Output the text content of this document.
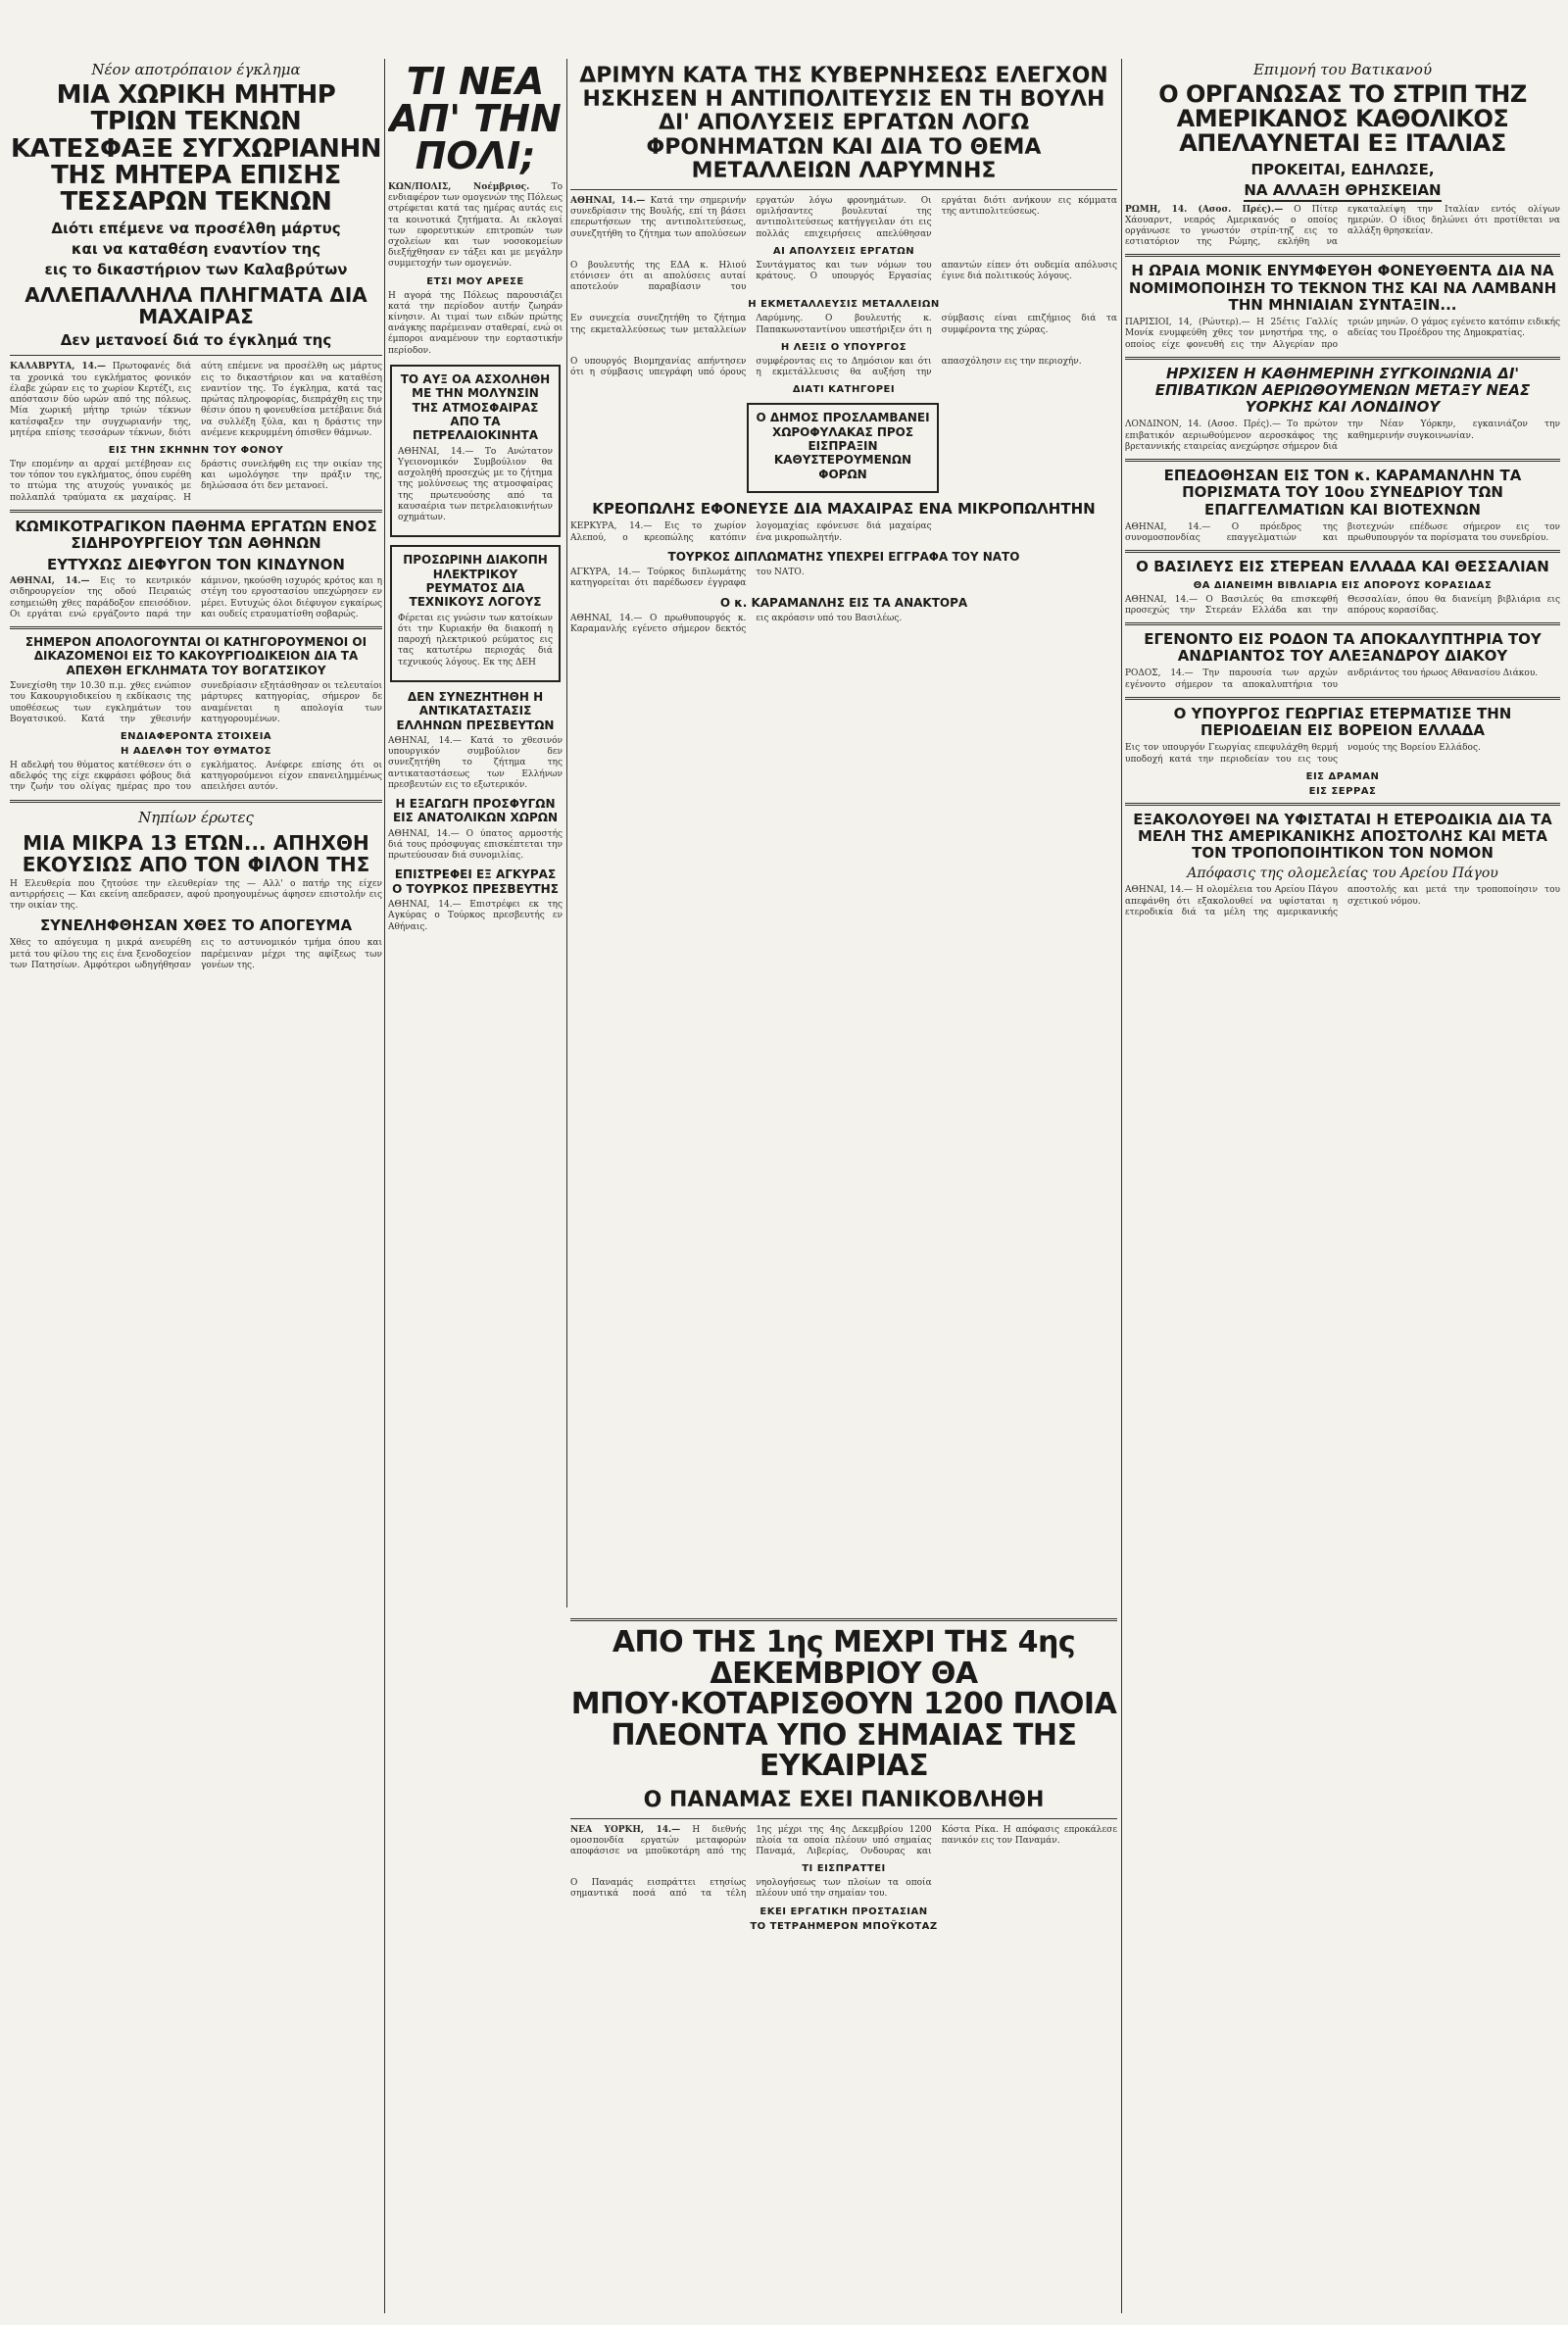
Νέον αποτρόπαιον έγκλημα
ΜΙΑ ΧΩΡΙΚΗ ΜΗΤΗΡ ΤΡΙΩΝ ΤΕΚΝΩΝ ΚΑΤΕΣΦΑΞΕ ΣΥΓΧΩΡΙΑΝΗΝ ΤΗΣ ΜΗΤΕΡΑ ΕΠΙΣΗΣ ΤΕΣΣΑΡΩΝ ΤΕΚΝΩΝ
Διότι επέμενε να προσέλθη μάρτυς
και να καταθέση εναντίον της
εις το δικαστήριον των Καλαβρύτων
ΑΛΛΕΠΑΛΛΗΛΑ ΠΛΗΓΜΑΤΑ ΔΙΑ ΜΑΧΑΙΡΑΣ
Δεν μετανοεί διά το έγκλημά της
ΚΑΛΑΒΡΥΤΑ, 14.— Πρωτοφανές διά τα χρονικά του εγκλήματος φονικόν έλαβε χώραν εις το χωρίον Κερτέζι, εις απόστασιν δύο ωρών από της πόλεως. Μία χωρική μήτηρ τριών τέκνων κατέσφαξεν την συγχωριανήν της, μητέρα επίσης τεσσάρων τέκνων, διότι αύτη επέμενε να προσέλθη ως μάρτυς εις το δικαστήριον και να καταθέση εναντίον της. Το έγκλημα, κατά τας πρώτας πληροφορίας, διεπράχθη εις την θέσιν όπου η φονευθείσα μετέβαινε διά να συλλέξη ξύλα, και η δράστις την ανέμενε κεκρυμμένη όπισθεν θάμνων.
ΕΙΣ ΤΗΝ ΣΚΗΝΗΝ ΤΟΥ ΦΟΝΟΥ
Την επομένην αι αρχαί μετέβησαν εις τον τόπον του εγκλήματος, όπου ευρέθη το πτώμα της ατυχούς γυναικός με πολλαπλά τραύματα εκ μαχαίρας. Η δράστις συνελήφθη εις την οικίαν της και ωμολόγησε την πράξιν της, δηλώσασα ότι δεν μετανοεί.
ΚΩΜΙΚΟΤΡΑΓΙΚΟΝ ΠΑΘΗΜΑ ΕΡΓΑΤΩΝ ΕΝΟΣ ΣΙΔΗΡΟΥΡΓΕΙΟΥ ΤΩΝ ΑΘΗΝΩΝ
ΕΥΤΥΧΩΣ ΔΙΕΦΥΓΟΝ ΤΟΝ ΚΙΝΔΥΝΟΝ
ΑΘΗΝΑΙ, 14.— Εις το κεντρικόν σιδηρουργείον της οδού Πειραιώς εσημειώθη χθες παράδοξον επεισόδιον. Οι εργάται ενώ εργάζοντο παρά την κάμινον, ηκούσθη ισχυρός κρότος και η στέγη του εργοστασίου υπεχώρησεν εν μέρει. Ευτυχώς όλοι διέφυγον εγκαίρως και ουδείς ετραυματίσθη σοβαρώς.
ΣΗΜΕΡΟΝ ΑΠΟΛΟΓΟΥΝΤΑΙ ΟΙ ΚΑΤΗΓΟΡΟΥΜΕΝΟΙ ΟΙ ΔΙΚΑΖΟΜΕΝΟΙ ΕΙΣ ΤΟ ΚΑΚΟΥΡΓΙΟΔΙΚΕΙΟΝ ΔΙΑ ΤΑ ΑΠΕΧΘΗ ΕΓΚΛΗΜΑΤΑ ΤΟΥ ΒΟΓΑΤΣΙΚΟΥ
Συνεχίσθη την 10.30 π.μ. χθες ενώπιον του Κακουργιοδικείου η εκδίκασις της υποθέσεως των εγκλημάτων του Βογατσικού. Κατά την χθεσινήν συνεδρίασιν εξητάσθησαν οι τελευταίοι μάρτυρες κατηγορίας, σήμερον δε αναμένεται η απολογία των κατηγορουμένων.
ΕΝΔΙΑΦΕΡΟΝΤΑ ΣΤΟΙΧΕΙΑ
Η ΑΔΕΛΦΗ ΤΟΥ ΘΥΜΑΤΟΣ
Η αδελφή του θύματος κατέθεσεν ότι ο αδελφός της είχε εκφράσει φόβους διά την ζωήν του ολίγας ημέρας προ του εγκλήματος. Ανέφερε επίσης ότι οι κατηγορούμενοι είχον επανειλημμένως απειλήσει αυτόν.
Νηπίων έρωτες
ΜΙΑ ΜΙΚΡΑ 13 ΕΤΩΝ... ΑΠΗΧΘΗ ΕΚΟΥΣΙΩΣ ΑΠΟ ΤΟΝ ΦΙΛΟΝ ΤΗΣ
Η Ελευθερία που ζητούσε την ελευθερίαν της — Αλλ' ο πατήρ της είχεν αντιρρήσεις — Και εκείνη απεδρασεν, αφού προηγουμένως άφησεν επιστολήν εις την οικίαν της.
ΣΥΝΕΛΗΦΘΗΣΑΝ ΧΘΕΣ ΤΟ ΑΠΟΓΕΥΜΑ
Χθες το απόγευμα η μικρά ανευρέθη μετά του φίλου της εις ένα ξενοδοχείον των Πατησίων. Αμφότεροι ωδηγήθησαν εις το αστυνομικόν τμήμα όπου και παρέμειναν μέχρι της αφίξεως των γονέων της.
ΤΙ ΝΕΑ ΑΠ' ΤΗΝ ΠΟΛΙ;
ΚΩΝ/ΠΟΛΙΣ, Νοέμβριος. Το ενδιαφέρον των ομογενών της Πόλεως στρέφεται κατά τας ημέρας αυτάς εις τα κοινοτικά ζητήματα. Αι εκλογαί των εφορευτικών επιτροπών των σχολείων και των νοσοκομείων διεξήχθησαν εν τάξει και με μεγάλην συμμετοχήν των ομογενών.
ΕΤΣΙ ΜΟΥ ΑΡΕΣΕ
Η αγορά της Πόλεως παρουσιάζει κατά την περίοδον αυτήν ζωηράν κίνησιν. Αι τιμαί των ειδών πρώτης ανάγκης παρέμειναν σταθεραί, ενώ οι έμποροι αναμένουν την εορταστικήν περίοδον.
ΤΟ ΑΥΞ ΟΑ ΑΣΧΟΛΗΘΗ ΜΕ ΤΗΝ ΜΟΛΥΝΣΙΝ ΤΗΣ ΑΤΜΟΣΦΑΙΡΑΣ ΑΠΟ ΤΑ ΠΕΤΡΕΛΑΙΟΚΙΝΗΤΑ
ΑΘΗΝΑΙ, 14.— Το Ανώτατον Υγειονομικόν Συμβούλιον θα ασχοληθή προσεχώς με το ζήτημα της μολύνσεως της ατμοσφαίρας της πρωτευούσης από τα καυσαέρια των πετρελαιοκινήτων οχημάτων.
ΠΡΟΣΩΡΙΝΗ ΔΙΑΚΟΠΗ ΗΛΕΚΤΡΙΚΟΥ ΡΕΥΜΑΤΟΣ ΔΙΑ ΤΕΧΝΙΚΟΥΣ ΛΟΓΟΥΣ
Φέρεται εις γνώσιν των κατοίκων ότι την Κυριακήν θα διακοπή η παροχή ηλεκτρικού ρεύματος εις τας κατωτέρω περιοχάς διά τεχνικούς λόγους. Εκ της ΔΕΗ
ΔΕΝ ΣΥΝΕΖΗΤΗΘΗ Η ΑΝΤΙΚΑΤΑΣΤΑΣΙΣ ΕΛΛΗΝΩΝ ΠΡΕΣΒΕΥΤΩΝ
ΑΘΗΝΑΙ, 14.— Κατά το χθεσινόν υπουργικόν συμβούλιον δεν συνεζητήθη το ζήτημα της αντικαταστάσεως των Ελλήνων πρεσβευτών εις το εξωτερικόν.
Η ΕΞΑΓΩΓΗ ΠΡΟΣΦΥΓΩΝ ΕΙΣ ΑΝΑΤΟΛΙΚΩΝ ΧΩΡΩΝ
ΑΘΗΝΑΙ, 14.— Ο ύπατος αρμοστής διά τους πρόσφυγας επισκέπτεται την πρωτεύουσαν διά συνομιλίας.
ΕΠΙΣΤΡΕΦΕΙ ΕΞ ΑΓΚΥΡΑΣ Ο ΤΟΥΡΚΟΣ ΠΡΕΣΒΕΥΤΗΣ
ΑΘΗΝΑΙ, 14.— Επιστρέφει εκ της Αγκύρας ο Τούρκος πρεσβευτής εν Αθήναις.
ΔΡΙΜΥΝ ΚΑΤΑ ΤΗΣ ΚΥΒΕΡΝΗΣΕΩΣ ΕΛΕΓΧΟΝ ΗΣΚΗΣΕΝ Η ΑΝΤΙΠΟΛΙΤΕΥΣΙΣ ΕΝ ΤΗ ΒΟΥΛΗ ΔΙ' ΑΠΟΛΥΣΕΙΣ ΕΡΓΑΤΩΝ ΛΟΓΩ ΦΡΟΝΗΜΑΤΩΝ ΚΑΙ ΔΙΑ ΤΟ ΘΕΜΑ ΜΕΤΑΛΛΕΙΩΝ ΛΑΡΥΜΝΗΣ
ΑΘΗΝΑΙ, 14.— Κατά την σημερινήν συνεδρίασιν της Βουλής, επί τη βάσει επερωτήσεων της αντιπολιτεύσεως, συνεζητήθη το ζήτημα των απολύσεων εργατών λόγω φρονημάτων. Οι ομιλήσαντες βουλευταί της αντιπολιτεύσεως κατήγγειλαν ότι εις πολλάς επιχειρήσεις απελύθησαν εργάται διότι ανήκουν εις κόμματα της αντιπολιτεύσεως.
ΑΙ ΑΠΟΛΥΣΕΙΣ ΕΡΓΑΤΩΝ
Ο βουλευτής της ΕΔΑ κ. Ηλιού ετόνισεν ότι αι απολύσεις αυταί αποτελούν παραβίασιν του Συντάγματος και των νόμων του κράτους. Ο υπουργός Εργασίας απαντών είπεν ότι ουδεμία απόλυσις έγινε διά πολιτικούς λόγους.
Η ΕΚΜΕΤΑΛΛΕΥΣΙΣ ΜΕΤΑΛΛΕΙΩΝ
Εν συνεχεία συνεζητήθη το ζήτημα της εκμεταλλεύσεως των μεταλλείων Λαρύμνης. Ο βουλευτής κ. Παπακωνσταντίνου υπεστήριξεν ότι η σύμβασις είναι επιζήμιος διά τα συμφέροντα της χώρας.
Η ΛΕΞΙΣ Ο ΥΠΟΥΡΓΟΣ
Ο υπουργός Βιομηχανίας απήντησεν ότι η σύμβασις υπεγράφη υπό όρους συμφέροντας εις το Δημόσιον και ότι η εκμετάλλευσις θα αυξήση την απασχόλησιν εις την περιοχήν.
ΔΙΑΤΙ ΚΑΤΗΓΟΡΕΙ
Ο ΔΗΜΟΣ ΠΡΟΣΛΑΜΒΑΝΕΙ ΧΩΡΟΦΥΛΑΚΑΣ ΠΡΟΣ ΕΙΣΠΡΑΞΙΝ ΚΑΘΥΣΤΕΡΟΥΜΕΝΩΝ ΦΟΡΩΝ
ΚΡΕΟΠΩΛΗΣ ΕΦΟΝΕΥΣΕ ΔΙΑ ΜΑΧΑΙΡΑΣ ΕΝΑ ΜΙΚΡΟΠΩΛΗΤΗΝ
ΚΕΡΚΥΡΑ, 14.— Εις το χωρίον Αλεπού, ο κρεοπώλης κατόπιν λογομαχίας εφόνευσε διά μαχαίρας ένα μικροπωλητήν.
ΤΟΥΡΚΟΣ ΔΙΠΛΩΜΑΤΗΣ ΥΠΕΧΡΕΙ ΕΓΓΡΑΦΑ ΤΟΥ ΝΑΤΟ
ΑΓΚΥΡΑ, 14.— Τούρκος διπλωμάτης κατηγορείται ότι παρέδωσεν έγγραφα του ΝΑΤΟ.
Ο κ. ΚΑΡΑΜΑΝΛΗΣ ΕΙΣ ΤΑ ΑΝΑΚΤΟΡΑ
ΑΘΗΝΑΙ, 14.— Ο πρωθυπουργός κ. Καραμανλής εγένετο σήμερον δεκτός εις ακρόασιν υπό του Βασιλέως.
ΑΠΟ ΤΗΣ 1ης ΜΕΧΡΙ ΤΗΣ 4ης ΔΕΚΕΜΒΡΙΟΥ ΘΑ ΜΠΟΥ·ΚΟΤΑΡΙΣΘΟΥΝ 1200 ΠΛΟΙΑ ΠΛΕΟΝΤΑ ΥΠΟ ΣΗΜΑΙΑΣ ΤΗΣ ΕΥΚΑΙΡΙΑΣ
Ο ΠΑΝΑΜΑΣ ΕΧΕΙ ΠΑΝΙΚΟΒΛΗΘΗ
ΝΕΑ ΥΟΡΚΗ, 14.— Η διεθνής ομοσπονδία εργατών μεταφορών αποφάσισε να μποϋκοτάρη από της 1ης μέχρι της 4ης Δεκεμβρίου 1200 πλοία τα οποία πλέουν υπό σημαίας Παναμά, Λιβερίας, Ονδουρας και Κόστα Ρίκα. Η απόφασις επροκάλεσε πανικόν εις τον Παναμάν.
ΤΙ ΕΙΣΠΡΑΤΤΕΙ
Ο Παναμάς εισπράττει ετησίως σημαντικά ποσά από τα τέλη νηολογήσεως των πλοίων τα οποία πλέουν υπό την σημαίαν του.
ΕΚΕΙ ΕΡΓΑΤΙΚΗ ΠΡΟΣΤΑΣΙΑΝ
ΤΟ ΤΕΤΡΑΗΜΕΡΟΝ ΜΠΟΫΚΟΤΑΖ
Επιμονή του Βατικανού
Ο ΟΡΓΑΝΩΣΑΣ ΤΟ ΣΤΡΙΠ ΤΗΖ ΑΜΕΡΙΚΑΝΟΣ ΚΑΘΟΛΙΚΟΣ ΑΠΕΛΑΥΝΕΤΑΙ ΕΞ ΙΤΑΛΙΑΣ
ΠΡΟΚΕΙΤΑΙ, ΕΔΗΛΩΣΕ,
ΝΑ ΑΛΛΑΞΗ ΘΡΗΣΚΕΙΑΝ
ΡΩΜΗ, 14. (Ασοσ. Πρές).— Ο Πίτερ Χάουαρντ, νεαρός Αμερικανός ο οποίος οργάνωσε το γνωστόν στρίπ-τηζ εις το εστιατόριον της Ρώμης, εκλήθη να εγκαταλείψη την Ιταλίαν εντός ολίγων ημερών. Ο ίδιος δηλώνει ότι προτίθεται να αλλάξη θρησκείαν.
Η ΩΡΑΙΑ ΜΟΝΙΚ ΕΝΥΜΦΕΥΘΗ ΦΟΝΕΥΘΕΝΤΑ ΔΙΑ ΝΑ ΝΟΜΙΜΟΠΟΙΗΣΗ ΤΟ ΤΕΚΝΟΝ ΤΗΣ ΚΑΙ ΝΑ ΛΑΜΒΑΝΗ ΤΗΝ ΜΗΝΙΑΙΑΝ ΣΥΝΤΑΞΙΝ...
ΠΑΡΙΣΙΟΙ, 14, (Ρώυτερ).— Η 25έτις Γαλλίς Μονίκ ενυμφεύθη χθες τον μνηστήρα της, ο οποίος είχε φονευθή εις την Αλγερίαν προ τριών μηνών. Ο γάμος εγένετο κατόπιν ειδικής αδείας του Προέδρου της Δημοκρατίας.
ΗΡΧΙΣΕΝ Η ΚΑΘΗΜΕΡΙΝΗ ΣΥΓΚΟΙΝΩΝΙΑ ΔΙ' ΕΠΙΒΑΤΙΚΩΝ ΑΕΡΙΩΘΟΥΜΕΝΩΝ ΜΕΤΑΞΥ ΝΕΑΣ ΥΟΡΚΗΣ ΚΑΙ ΛΟΝΔΙΝΟΥ
ΛΟΝΔΙΝΟΝ, 14. (Ασοσ. Πρές).— Το πρώτον επιβατικόν αεριωθούμενον αεροσκάφος της βρεταννικής εταιρείας ανεχώρησε σήμερον διά την Νέαν Υόρκην, εγκαινιάζον την καθημερινήν συγκοινωνίαν.
ΕΠΕΔΟΘΗΣΑΝ ΕΙΣ ΤΟΝ κ. ΚΑΡΑΜΑΝΛΗΝ ΤΑ ΠΟΡΙΣΜΑΤΑ ΤΟΥ 10ου ΣΥΝΕΔΡΙΟΥ ΤΩΝ ΕΠΑΓΓΕΛΜΑΤΙΩΝ ΚΑΙ ΒΙΟΤΕΧΝΩΝ
ΑΘΗΝΑΙ, 14.— Ο πρόεδρος της συνομοσπονδίας επαγγελματιών και βιοτεχνών επέδωσε σήμερον εις τον πρωθυπουργόν τα πορίσματα του συνεδρίου.
Ο ΒΑΣΙΛΕΥΣ ΕΙΣ ΣΤΕΡΕΑΝ ΕΛΛΑΔΑ ΚΑΙ ΘΕΣΣΑΛΙΑΝ
ΘΑ ΔΙΑΝΕΙΜΗ ΒΙΒΛΙΑΡΙΑ ΕΙΣ ΑΠΟΡΟΥΣ ΚΟΡΑΣΙΔΑΣ
ΑΘΗΝΑΙ, 14.— Ο Βασιλεύς θα επισκεφθή προσεχώς την Στερεάν Ελλάδα και την Θεσσαλίαν, όπου θα διανείμη βιβλιάρια εις απόρους κορασίδας.
ΕΓΕΝΟΝΤΟ ΕΙΣ ΡΟΔΟΝ ΤΑ ΑΠΟΚΑΛΥΠΤΗΡΙΑ ΤΟΥ ΑΝΔΡΙΑΝΤΟΣ ΤΟΥ ΑΛΕΞΑΝΔΡΟΥ ΔΙΑΚΟΥ
ΡΟΔΟΣ, 14.— Την παρουσία των αρχών εγένοντο σήμερον τα αποκαλυπτήρια του ανδριάντος του ήρωος Αθανασίου Διάκου.
Ο ΥΠΟΥΡΓΟΣ ΓΕΩΡΓΙΑΣ ΕΤΕΡΜΑΤΙΣΕ ΤΗΝ ΠΕΡΙΟΔΕΙΑΝ ΕΙΣ ΒΟΡΕΙΟΝ ΕΛΛΑΔΑ
Εις τον υπουργόν Γεωργίας επεφυλάχθη θερμή υποδοχή κατά την περιοδείαν του εις τους νομούς της Βορείου Ελλάδος.
ΕΙΣ ΔΡΑΜΑΝ
ΕΙΣ ΣΕΡΡΑΣ
ΕΞΑΚΟΛΟΥΘΕΙ ΝΑ ΥΦΙΣΤΑΤΑΙ Η ΕΤΕΡΟΔΙΚΙΑ ΔΙΑ ΤΑ ΜΕΛΗ ΤΗΣ ΑΜΕΡΙΚΑΝΙΚΗΣ ΑΠΟΣΤΟΛΗΣ ΚΑΙ ΜΕΤΑ ΤΟΝ ΤΡΟΠΟΠΟΙΗΤΙΚΟΝ ΤΟΝ ΝΟΜΟΝ
Απόφασις της ολομελείας του Αρείου Πάγου
ΑΘΗΝΑΙ, 14.— Η ολομέλεια του Αρείου Πάγου απεφάνθη ότι εξακολουθεί να υφίσταται η ετεροδικία διά τα μέλη της αμερικανικής αποστολής και μετά την τροποποίησιν του σχετικού νόμου.
